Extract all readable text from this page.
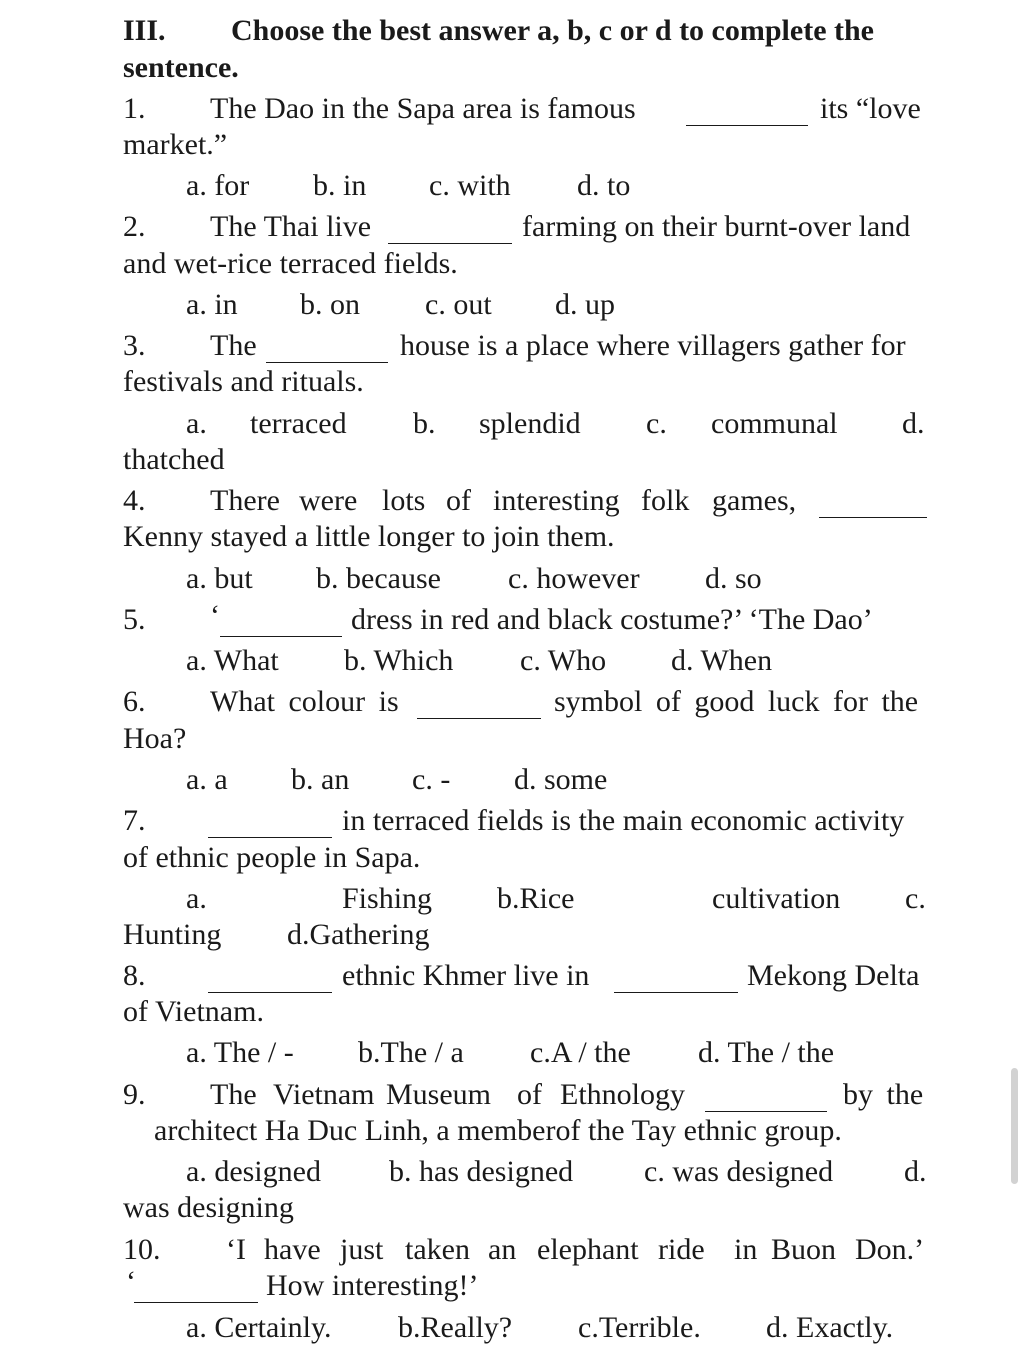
III. Choose the best answer a, b, c or d to complete the
sentence.
1. The Dao in the Sapa area is famous	its “love
market.”
a. for b. in c. with d. to
2. The Thai live	farming on their burnt-over land
and wet-rice terraced fields.
a. in b. on c. out d. up
3. The	house is a place where villagers gather for
festivals and rituals.
a. terraced b. splendid c. communal d.
thatched
4. There were lots of interesting folk games,
Kenny stayed a little longer to join them.
a. but b. because c. however d. so
5. ‘	dress in red and black costume?’ ‘The Dao’
a. What b. Which c. Who d. When
6. What colour is	symbol of good luck for the
Hoa?
a. a b. an c. - d. some
7.	in terraced fields is the main economic activity
of ethnic people in Sapa.
a.	Fishing b.Rice	cultivation c.
Hunting d.Gathering
8.	ethnic Khmer live in	Mekong Delta
of Vietnam.
a. The / - b.The / a c.A / the d. The / the
9. The Vietnam Museum of Ethnology	by the
architect Ha Duc Linh, a memberof the Tay ethnic group.
a. designed b. has designed c. was designed d.
was designing
10. ‘I have just taken an elephant ride in Buon Don.’
‘	How interesting!’
a. Certainly. b.Really? c.Terrible. d. Exactly.
